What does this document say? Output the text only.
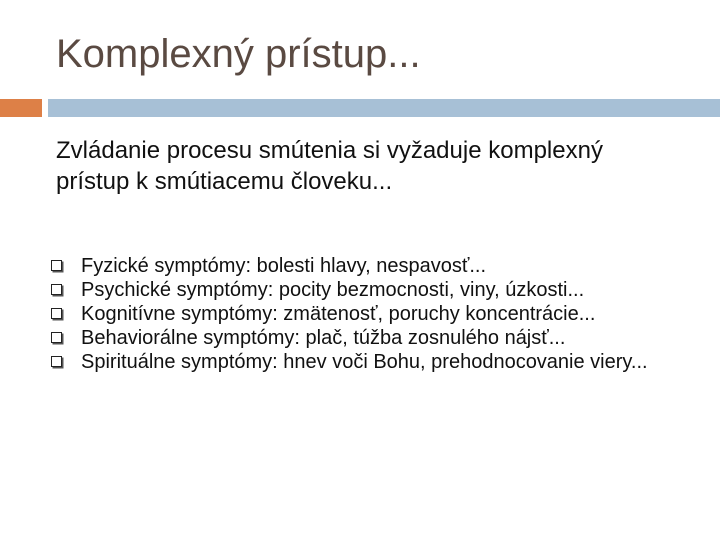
Komplexný prístup...

Zvládanie procesu smútenia si vyžaduje komplexný prístup k smútiacemu človeku...

Fyzické symptómy: bolesti hlavy, nespavosť...
Psychické symptómy: pocity bezmocnosti, viny, úzkosti...
Kognitívne symptómy: zmätenosť, poruchy koncentrácie...
Behaviorálne symptómy: plač, túžba zosnulého nájsť...
Spirituálne symptómy: hnev voči Bohu, prehodnocovanie viery...
